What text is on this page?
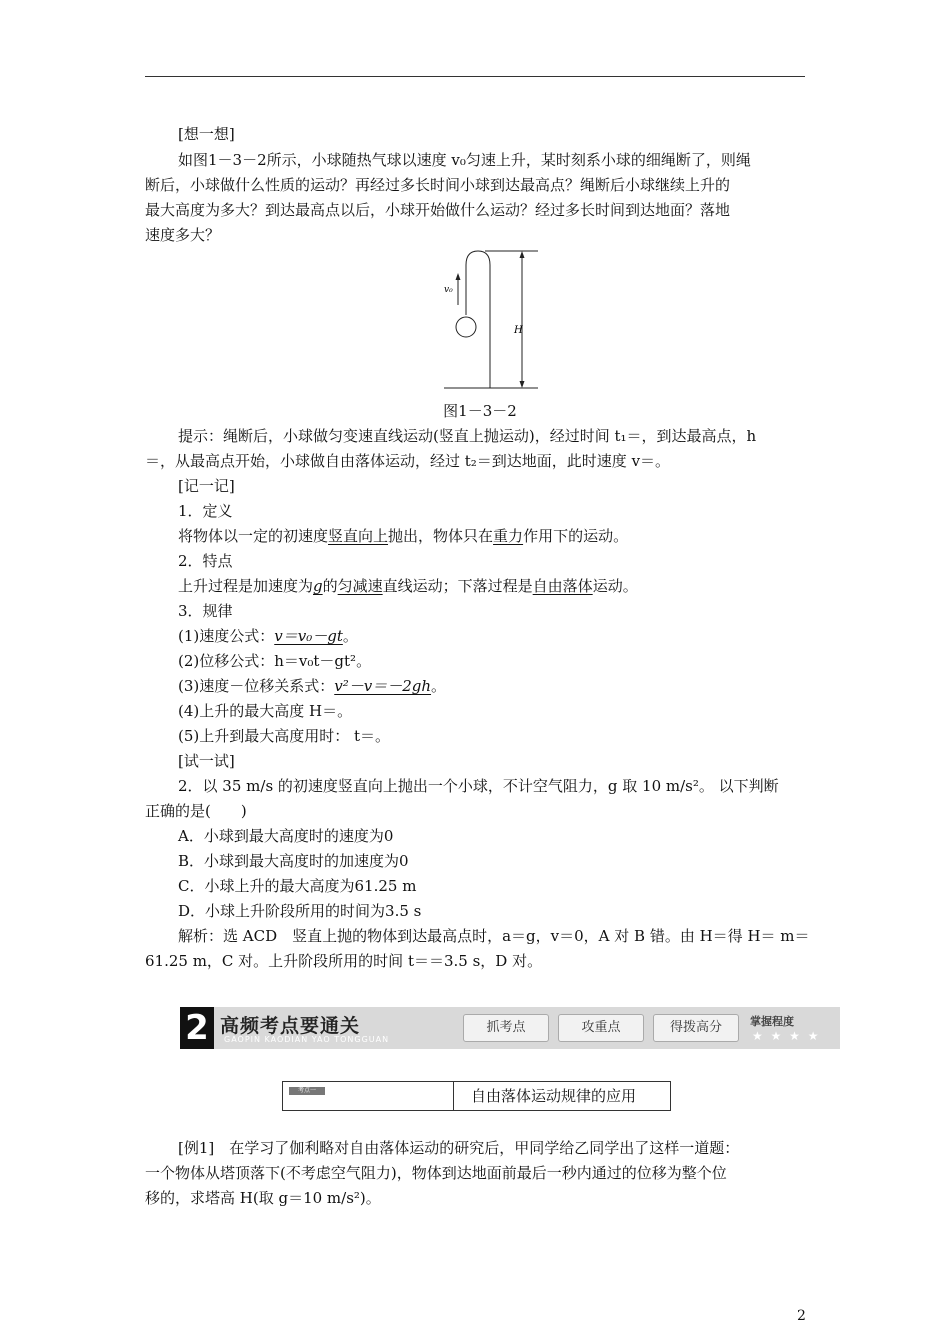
[想一想]
如图1－3－2所示，小球随热气球以速度 v₀匀速上升，某时刻系小球的细绳断了，则绳
断后，小球做什么性质的运动？再经过多长时间小球到达最高点？绳断后小球继续上升的
最大高度为多大？到达最高点以后，小球开始做什么运动？经过多长时间到达地面？落地
速度多大？
v₀
H
图1－3－2
提示：绳断后，小球做匀变速直线运动(竖直上抛运动)，经过时间 t₁＝，到达最高点，h
＝，从最高点开始，小球做自由落体运动，经过 t₂＝到达地面，此时速度 v＝。
[记一记]
1．定义
将物体以一定的初速度竖直向上抛出，物体只在重力作用下的运动。
2．特点
上升过程是加速度为g的匀减速直线运动；下落过程是自由落体运动。
3．规律
(1)速度公式：v＝v₀－gt。
(2)位移公式：h＝v₀t－gt²。
(3)速度－位移关系式：v²－v＝－2gh。
(4)上升的最大高度 H＝。
(5)上升到最大高度用时： t＝。
[试一试]
2．以 35 m/s 的初速度竖直向上抛出一个小球，不计空气阻力，g 取 10 m/s²。 以下判断
正确的是(　　)
A．小球到最大高度时的速度为0
B．小球到最大高度时的加速度为0
C．小球上升的最大高度为61.25 m
D．小球上升阶段所用的时间为3.5 s
解析：选 ACD　竖直上抛的物体到达最高点时，a＝g，v＝0，A 对 B 错。由 H＝得 H＝ m＝
61.25 m，C 对。上升阶段所用的时间 t＝＝3.5 s，D 对。
2 高频考点要通关
GAOPIN KAODIAN YAO TONGGUAN
抓考点	攻重点	得拨高分	掌握程度
★ ★ ★ ★
考点一	自由落体运动规律的应用
[例1]　在学习了伽利略对自由落体运动的研究后，甲同学给乙同学出了这样一道题：
一个物体从塔顶落下(不考虑空气阻力)，物体到达地面前最后一秒内通过的位移为整个位
移的，求塔高 H(取 g＝10 m/s²)。
2
